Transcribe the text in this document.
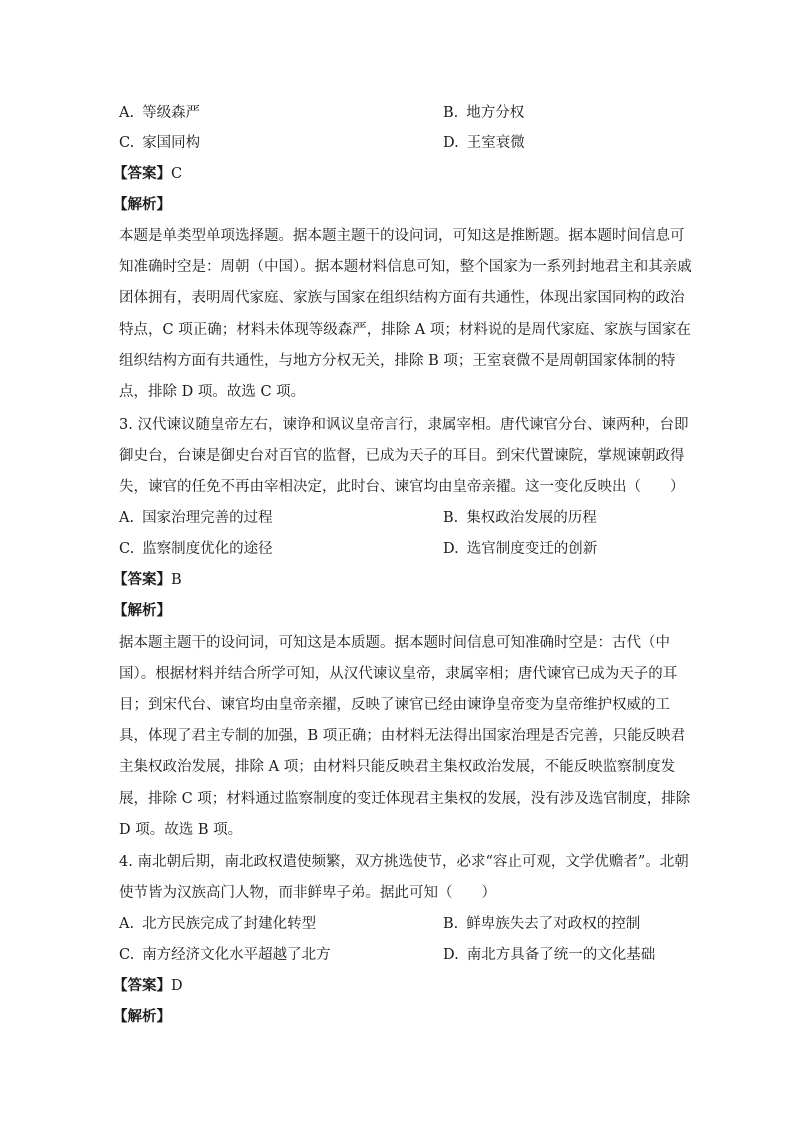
A. 等级森严	B. 地方分权
C. 家国同构	D. 王室衰微
【答案】C
【解析】
本题是单类型单项选择题。据本题主题干的设问词，可知这是推断题。据本题时间信息可
知准确时空是：周朝（中国）。据本题材料信息可知，整个国家为一系列封地君主和其亲戚
团体拥有，表明周代家庭、家族与国家在组织结构方面有共通性，体现出家国同构的政治
特点，C 项正确；材料未体现等级森严，排除 A 项；材料说的是周代家庭、家族与国家在
组织结构方面有共通性，与地方分权无关，排除 B 项；王室衰微不是周朝国家体制的特
点，排除 D 项。故选 C 项。
3. 汉代谏议随皇帝左右，谏诤和讽议皇帝言行，隶属宰相。唐代谏官分台、谏两种，台即
御史台，台谏是御史台对百官的监督，已成为天子的耳目。到宋代置谏院，掌规谏朝政得
失，谏官的任免不再由宰相决定，此时台、谏官均由皇帝亲擢。这一变化反映出（　　）
A. 国家治理完善的过程	B. 集权政治发展的历程
C. 监察制度优化的途径	D. 选官制度变迁的创新
【答案】B
【解析】
据本题主题干的设问词，可知这是本质题。据本题时间信息可知准确时空是：古代（中
国）。根据材料并结合所学可知，从汉代谏议皇帝，隶属宰相；唐代谏官已成为天子的耳
目；到宋代台、谏官均由皇帝亲擢，反映了谏官已经由谏诤皇帝变为皇帝维护权威的工
具，体现了君主专制的加强，B 项正确；由材料无法得出国家治理是否完善，只能反映君
主集权政治发展，排除 A 项；由材料只能反映君主集权政治发展，不能反映监察制度发
展，排除 C 项；材料通过监察制度的变迁体现君主集权的发展，没有涉及选官制度，排除
D 项。故选 B 项。
4. 南北朝后期，南北政权遣使频繁，双方挑选使节，必求“容止可观，文学优赡者”。北朝
使节皆为汉族高门人物，而非鲜卑子弟。据此可知（　　）
A. 北方民族完成了封建化转型	B. 鲜卑族失去了对政权的控制
C. 南方经济文化水平超越了北方	D. 南北方具备了统一的文化基础
【答案】D
【解析】
